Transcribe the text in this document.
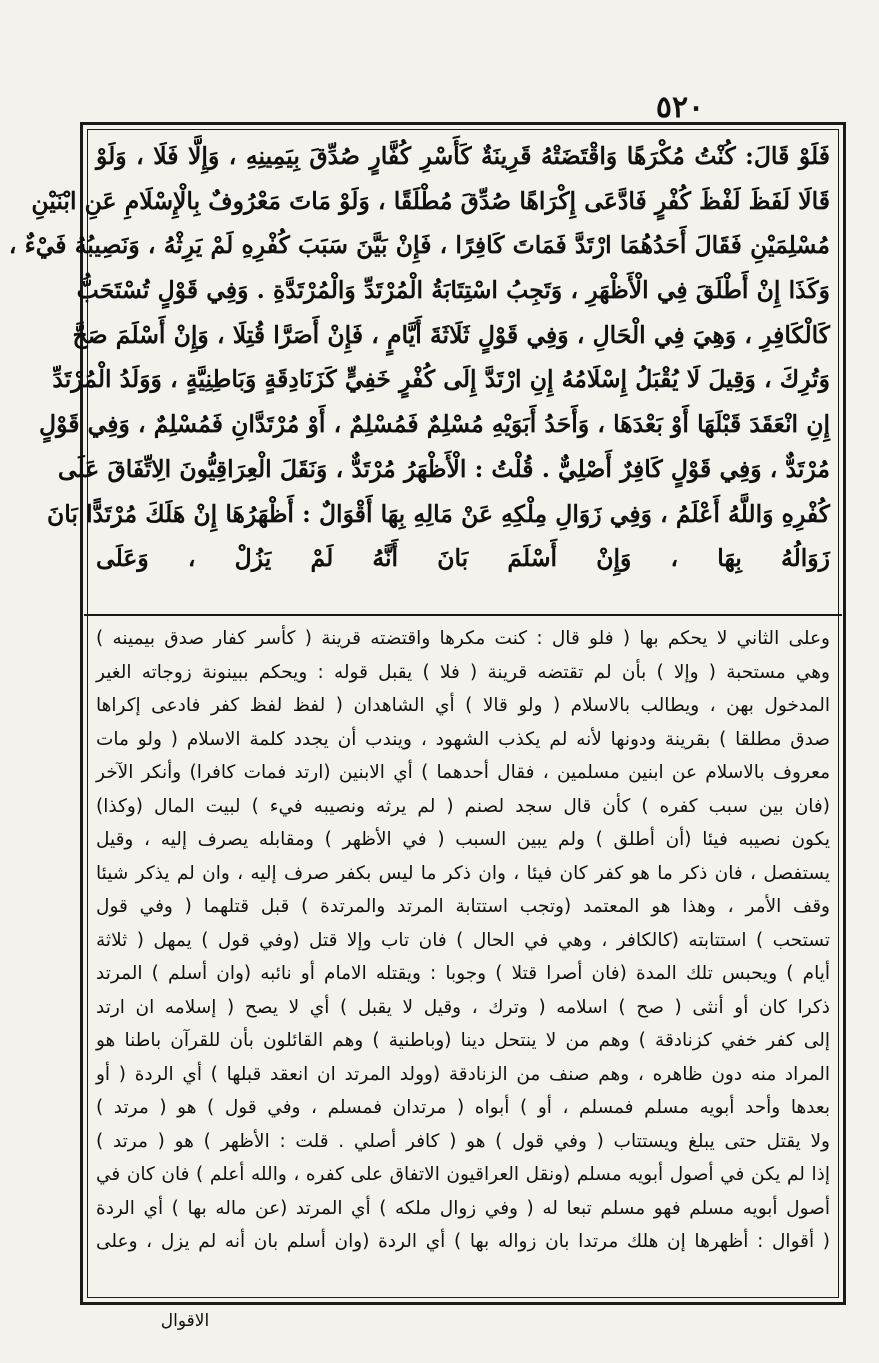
٥٢٠
فَلَوْ قَالَ: كُنْتُ مُكْرَهًا وَاقْتَضَتْهُ قَرِينَةٌ كَأَسْرِ كُفَّارٍ صُدِّقَ بِيَمِينِهِ ، وَإِلَّا فَلَا ، وَلَوْ
قَالَا لَفَظَ لَفْظَ كُفْرٍ فَادَّعَى إِكْرَاهًا صُدِّقَ مُطْلَقًا ، وَلَوْ مَاتَ مَعْرُوفٌ بِالْإِسْلَامِ عَنِ ابْنَيْنِ
مُسْلِمَيْنِ فَقَالَ أَحَدُهُمَا ارْتَدَّ فَمَاتَ كَافِرًا ، فَإِنْ بَيَّنَ سَبَبَ كُفْرِهِ لَمْ يَرِثْهُ ، وَنَصِيبُهُ فَيْءٌ ،
وَكَذَا إِنْ أَطْلَقَ فِي الْأَظْهَرِ ، وَتَجِبُ اسْتِتَابَةُ الْمُرْتَدِّ وَالْمُرْتَدَّةِ . وَفِي قَوْلٍ تُسْتَحَبُّ
كَالْكَافِرِ ، وَهِيَ فِي الْحَالِ ، وَفِي قَوْلٍ ثَلَاثَةَ أَيَّامٍ ، فَإِنْ أَصَرَّا قُتِلَا ، وَإِنْ أَسْلَمَ صَحَّ
وَتُرِكَ ، وَقِيلَ لَا يُقْبَلُ إِسْلَامُهُ إِنِ ارْتَدَّ إِلَى كُفْرٍ خَفِيٍّ كَزَنَادِقَةٍ وَبَاطِنِيَّةٍ ، وَوَلَدُ الْمُرْتَدِّ
إِنِ انْعَقَدَ قَبْلَهَا أَوْ بَعْدَهَا ، وَأَحَدُ أَبَوَيْهِ مُسْلِمٌ فَمُسْلِمٌ ، أَوْ مُرْتَدَّانِ فَمُسْلِمٌ ، وَفِي قَوْلٍ
مُرْتَدٌّ ، وَفِي قَوْلٍ كَافِرٌ أَصْلِيٌّ . قُلْتُ : الْأَظْهَرُ مُرْتَدٌّ ، وَنَقَلَ الْعِرَاقِيُّونَ الِاتِّفَاقَ عَلَى
كُفْرِهِ وَاللَّهُ أَعْلَمُ ، وَفِي زَوَالِ مِلْكِهِ عَنْ مَالِهِ بِهَا أَقْوَالٌ : أَظْهَرُهَا إِنْ هَلَكَ مُرْتَدًّا بَانَ
زَوَالُهُ بِهَا ، وَإِنْ أَسْلَمَ بَانَ أَنَّهُ لَمْ يَزُلْ ، وَعَلَى
وعلى الثاني لا يحكم بها ( فلو قال : كنت مكرها واقتضته قرينة ( كأسر كفار صدق بيمينه )
وهي مستحبة ( وإلا ) بأن لم تقتضه قرينة ( فلا ) يقبل قوله : ويحكم ببينونة زوجاته الغير
المدخول بهن ، ويطالب بالاسلام ( ولو قالا ) أي الشاهدان ( لفظ لفظ كفر فادعى إكراها
صدق مطلقا ) بقرينة ودونها لأنه لم يكذب الشهود ، ويندب أن يجدد كلمة الاسلام ( ولو مات
معروف بالاسلام عن ابنين مسلمين ، فقال أحدهما ) أي الابنين (ارتد فمات كافرا) وأنكر الآخر
(فان بين سبب كفره ) كأن قال سجد لصنم ( لم يرثه ونصيبه فيء ) لبيت المال (وكذا)
يكون نصيبه فيئا (أن أطلق ) ولم يبين السبب ( في الأظهر ) ومقابله يصرف إليه ، وقيل
يستفصل ، فان ذكر ما هو كفر كان فيئا ، وان ذكر ما ليس بكفر صرف إليه ، وان لم يذكر شيئا
وقف الأمر ، وهذا هو المعتمد (وتجب استتابة المرتد والمرتدة ) قبل قتلهما ( وفي قول
تستحب ) استتابته (كالكافر ، وهي في الحال ) فان تاب وإلا قتل (وفي قول ) يمهل ( ثلاثة
أيام ) ويحبس تلك المدة (فان أصرا قتلا ) وجوبا : ويقتله الامام أو نائبه (وان أسلم ) المرتد
ذكرا كان أو أنثى ( صح ) اسلامه ( وترك ، وقيل لا يقبل ) أي لا يصح ( إسلامه ان ارتد
إلى كفر خفي كزنادقة ) وهم من لا ينتحل دينا (وباطنية ) وهم القائلون بأن للقرآن باطنا هو
المراد منه دون ظاهره ، وهم صنف من الزنادقة (وولد المرتد ان انعقد قبلها ) أي الردة ( أو
بعدها وأحد أبويه مسلم فمسلم ، أو ) أبواه ( مرتدان فمسلم ، وفي قول ) هو ( مرتد )
ولا يقتل حتى يبلغ ويستتاب ( وفي قول ) هو ( كافر أصلي . قلت : الأظهر ) هو ( مرتد )
إذا لم يكن في أصول أبويه مسلم (ونقل العراقيون الاتفاق على كفره ، والله أعلم ) فان كان في
أصول أبويه مسلم فهو مسلم تبعا له ( وفي زوال ملكه ) أي المرتد (عن ماله بها ) أي الردة
( أقوال : أظهرها إن هلك مرتدا بان زواله بها ) أي الردة (وان أسلم بان أنه لم يزل ، وعلى
الاقوال
